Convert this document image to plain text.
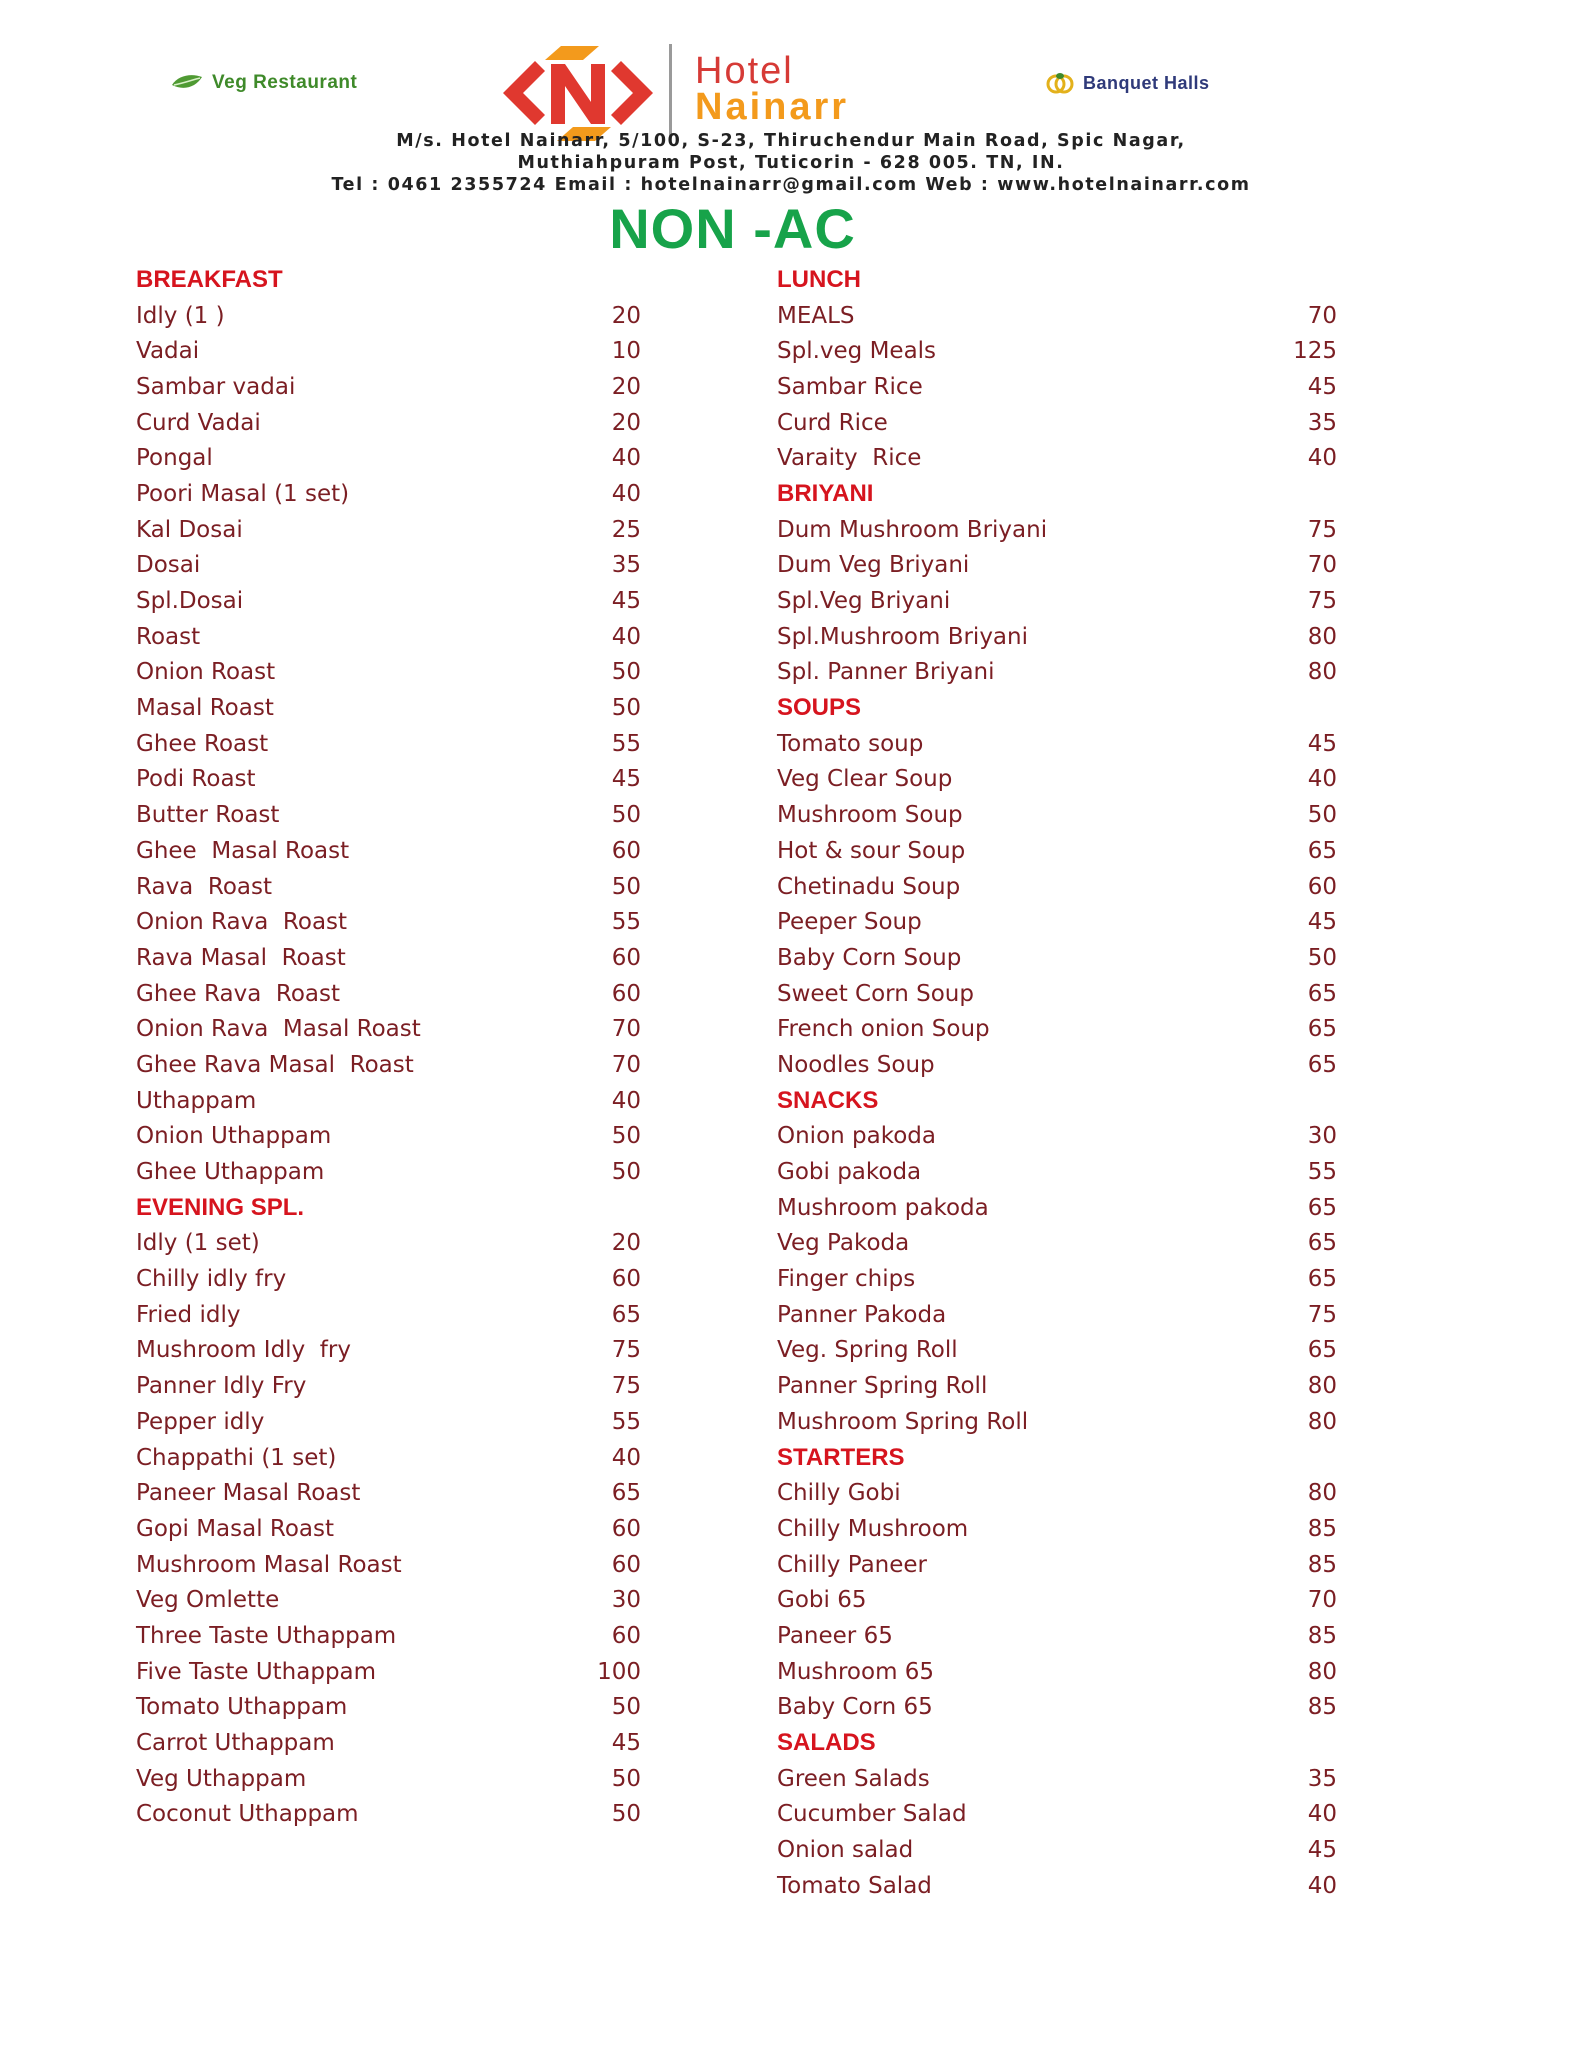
Veg Restaurant	Hotel
Nainarr
Banquet Halls
M/s. Hotel Nainarr, 5/100, S-23, Thiruchendur Main Road, Spic Nagar,
Muthiahpuram Post, Tuticorin - 628 005. TN, IN.
Tel : 0461 2355724 Email : hotelnainarr@gmail.com Web : www.hotelnainarr.com
NON -AC
BREAKFAST
Idly (1 )	20
Vadai	10
Sambar vadai	20
Curd Vadai	20
Pongal	40
Poori Masal (1 set)	40
Kal Dosai	25
Dosai	35
Spl.Dosai	45
Roast	40
Onion Roast	50
Masal Roast	50
Ghee Roast	55
Podi Roast	45
Butter Roast	50
Ghee  Masal Roast	60
Rava  Roast	50
Onion Rava  Roast	55
Rava Masal  Roast	60
Ghee Rava  Roast	60
Onion Rava  Masal Roast	70
Ghee Rava Masal  Roast	70
Uthappam	40
Onion Uthappam	50
Ghee Uthappam	50
EVENING SPL.
Idly (1 set)	20
Chilly idly fry	60
Fried idly	65
Mushroom Idly  fry	75
Panner Idly Fry	75
Pepper idly	55
Chappathi (1 set)	40
Paneer Masal Roast	65
Gopi Masal Roast	60
Mushroom Masal Roast	60
Veg Omlette	30
Three Taste Uthappam	60
Five Taste Uthappam	100
Tomato Uthappam	50
Carrot Uthappam	45
Veg Uthappam	50
Coconut Uthappam	50
LUNCH
MEALS	70
Spl.veg Meals	125
Sambar Rice	45
Curd Rice	35
Varaity  Rice	40
BRIYANI
Dum Mushroom Briyani	75
Dum Veg Briyani	70
Spl.Veg Briyani	75
Spl.Mushroom Briyani	80
Spl. Panner Briyani	80
SOUPS
Tomato soup	45
Veg Clear Soup	40
Mushroom Soup	50
Hot & sour Soup	65
Chetinadu Soup	60
Peeper Soup	45
Baby Corn Soup	50
Sweet Corn Soup	65
French onion Soup	65
Noodles Soup	65
SNACKS
Onion pakoda	30
Gobi pakoda	55
Mushroom pakoda	65
Veg Pakoda	65
Finger chips	65
Panner Pakoda	75
Veg. Spring Roll	65
Panner Spring Roll	80
Mushroom Spring Roll	80
STARTERS
Chilly Gobi	80
Chilly Mushroom	85
Chilly Paneer	85
Gobi 65	70
Paneer 65	85
Mushroom 65	80
Baby Corn 65	85
SALADS
Green Salads	35
Cucumber Salad	40
Onion salad	45
Tomato Salad	40
